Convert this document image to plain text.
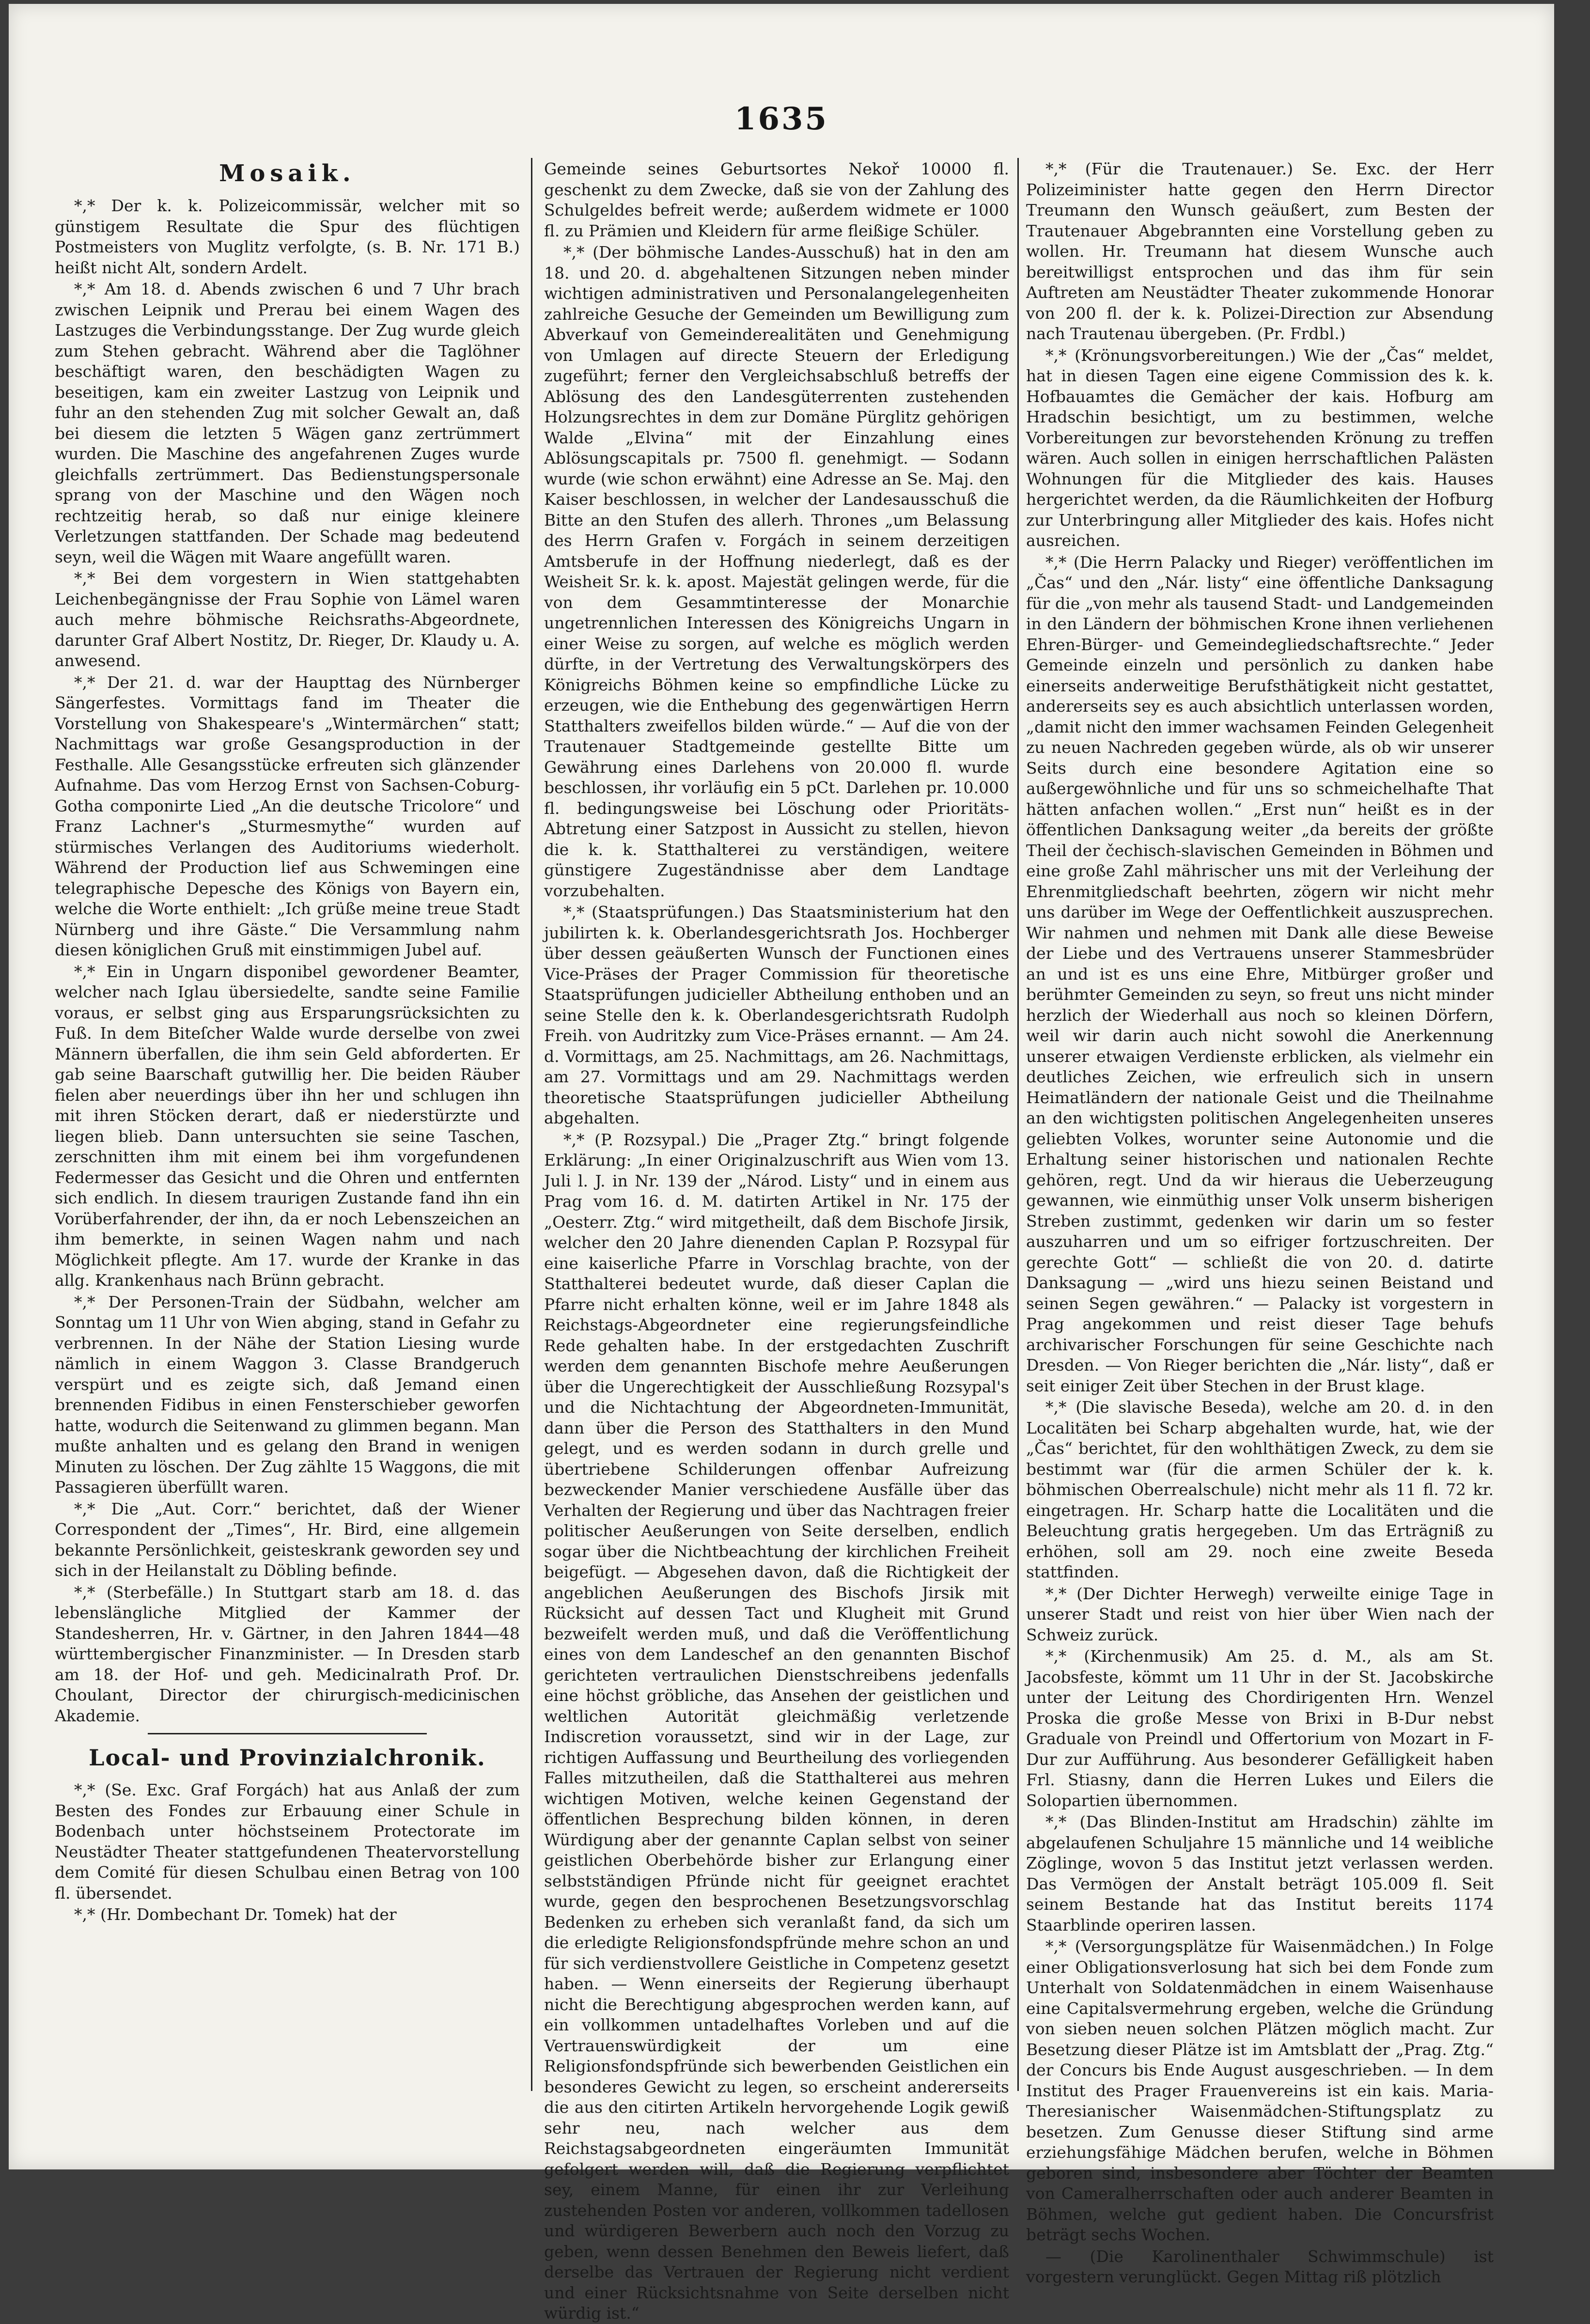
1635
Mosaik.

*,* Der k. k. Polizeicommissär, welcher mit so günstigem Resultate die Spur des flüchtigen Postmeisters von Muglitz verfolgte, (s. B. Nr. 171 B.) heißt nicht Alt, sondern Ardelt.

*,* Am 18. d. Abends zwischen 6 und 7 Uhr brach zwischen Leipnik und Prerau bei einem Wagen des Lastzuges die Verbindungsstange. Der Zug wurde gleich zum Stehen gebracht. Während aber die Taglöhner beschäftigt waren, den beschädigten Wagen zu beseitigen, kam ein zweiter Lastzug von Leipnik und fuhr an den stehenden Zug mit solcher Gewalt an, daß bei diesem die letzten 5 Wägen ganz zertrümmert wurden. Die Maschine des angefahrenen Zuges wurde gleichfalls zertrümmert. Das Bedienstungspersonale sprang von der Maschine und den Wägen noch rechtzeitig herab, so daß nur einige kleinere Verletzungen stattfanden. Der Schade mag bedeutend seyn, weil die Wägen mit Waare angefüllt waren.

*,* Bei dem vorgestern in Wien stattgehabten Leichenbegängnisse der Frau Sophie von Lämel waren auch mehre böhmische Reichsraths-Abgeordnete, darunter Graf Albert Nostitz, Dr. Rieger, Dr. Klaudy u. A. anwesend.

*,* Der 21. d. war der Haupttag des Nürnberger Sängerfestes. Vormittags fand im Theater die Vorstellung von Shakespeare's „Wintermärchen“ statt; Nachmittags war große Gesangsproduction in der Festhalle. Alle Gesangsstücke erfreuten sich glänzender Aufnahme. Das vom Herzog Ernst von Sachsen-Coburg-Gotha componirte Lied „An die deutsche Tricolore“ und Franz Lachner's „Sturmesmythe“ wurden auf stürmisches Verlangen des Auditoriums wiederholt. Während der Production lief aus Schwemingen eine telegraphische Depesche des Königs von Bayern ein, welche die Worte enthielt: „Ich grüße meine treue Stadt Nürnberg und ihre Gäste.“ Die Versammlung nahm diesen königlichen Gruß mit einstimmigen Jubel auf.

*,* Ein in Ungarn disponibel gewordener Beamter, welcher nach Iglau übersiedelte, sandte seine Familie voraus, er selbst ging aus Ersparungsrücksichten zu Fuß. In dem Biteſcher Walde wurde derselbe von zwei Männern überfallen, die ihm sein Geld abforderten. Er gab seine Baarschaft gutwillig her. Die beiden Räuber fielen aber neuerdings über ihn her und schlugen ihn mit ihren Stöcken derart, daß er niederstürzte und liegen blieb. Dann untersuchten sie seine Taschen, zerschnitten ihm mit einem bei ihm vorgefundenen Federmesser das Gesicht und die Ohren und entfernten sich endlich. In diesem traurigen Zustande fand ihn ein Vorüberfahrender, der ihn, da er noch Lebenszeichen an ihm bemerkte, in seinen Wagen nahm und nach Möglichkeit pflegte. Am 17. wurde der Kranke in das allg. Krankenhaus nach Brünn gebracht.

*,* Der Personen-Train der Südbahn, welcher am Sonntag um 11 Uhr von Wien abging, stand in Gefahr zu verbrennen. In der Nähe der Station Liesing wurde nämlich in einem Waggon 3. Classe Brandgeruch verspürt und es zeigte sich, daß Jemand einen brennenden Fidibus in einen Fensterschieber geworfen hatte, wodurch die Seitenwand zu glimmen begann. Man mußte anhalten und es gelang den Brand in wenigen Minuten zu löschen. Der Zug zählte 15 Waggons, die mit Passagieren überfüllt waren.

*,* Die „Aut. Corr.“ berichtet, daß der Wiener Correspondent der „Times“, Hr. Bird, eine allgemein bekannte Persönlichkeit, geisteskrank geworden sey und sich in der Heilanstalt zu Döbling befinde.

*,* (Sterbefälle.) In Stuttgart starb am 18. d. das lebenslängliche Mitglied der Kammer der Standesherren, Hr. v. Gärtner, in den Jahren 1844—48 württembergischer Finanzminister. — In Dresden starb am 18. der Hof- und geh. Medicinalrath Prof. Dr. Choulant, Director der chirurgisch-medicinischen Akademie.

Local- und Provinzialchronik.

*,* (Se. Exc. Graf Forgách) hat aus Anlaß der zum Besten des Fondes zur Erbauung einer Schule in Bodenbach unter höchstseinem Protectorate im Neustädter Theater stattgefundenen Theatervorstellung dem Comité für diesen Schulbau einen Betrag von 100 fl. übersendet.

*,* (Hr. Dombechant Dr. Tomek) hat der

Gemeinde seines Geburtsortes Nekoř 10000 fl. geschenkt zu dem Zwecke, daß sie von der Zahlung des Schulgeldes befreit werde; außerdem widmete er 1000 fl. zu Prämien und Kleidern für arme fleißige Schüler.

*,* (Der böhmische Landes-Ausschuß) hat in den am 18. und 20. d. abgehaltenen Sitzungen neben minder wichtigen administrativen und Personalangelegenheiten zahlreiche Gesuche der Gemeinden um Bewilligung zum Abverkauf von Gemeinderealitäten und Genehmigung von Umlagen auf directe Steuern der Erledigung zugeführt; ferner den Vergleichsabschluß betreffs der Ablösung des den Landesgüterrenten zustehenden Holzungsrechtes in dem zur Domäne Pürglitz gehörigen Walde „Elvina“ mit der Einzahlung eines Ablösungscapitals pr. 7500 fl. genehmigt. — Sodann wurde (wie schon erwähnt) eine Adresse an Se. Maj. den Kaiser beschlossen, in welcher der Landesausschuß die Bitte an den Stufen des allerh. Thrones „um Belassung des Herrn Grafen v. Forgách in seinem derzeitigen Amtsberufe in der Hoffnung niederlegt, daß es der Weisheit Sr. k. k. apost. Majestät gelingen werde, für die von dem Gesammtinteresse der Monarchie ungetrennlichen Interessen des Königreichs Ungarn in einer Weise zu sorgen, auf welche es möglich werden dürfte, in der Vertretung des Verwaltungskörpers des Königreichs Böhmen keine so empfindliche Lücke zu erzeugen, wie die Enthebung des gegenwärtigen Herrn Statthalters zweifellos bilden würde.“ — Auf die von der Trautenauer Stadtgemeinde gestellte Bitte um Gewährung eines Darlehens von 20.000 fl. wurde beschlossen, ihr vorläufig ein 5 pCt. Darlehen pr. 10.000 fl. bedingungsweise bei Löschung oder Prioritäts-Abtretung einer Satzpost in Aussicht zu stellen, hievon die k. k. Statthalterei zu verständigen, weitere günstigere Zugeständnisse aber dem Landtage vorzubehalten.

*,* (Staatsprüfungen.) Das Staatsministerium hat den jubilirten k. k. Oberlandesgerichtsrath Jos. Hochberger über dessen geäußerten Wunsch der Functionen eines Vice-Präses der Prager Commission für theoretische Staatsprüfungen judicieller Abtheilung enthoben und an seine Stelle den k. k. Oberlandesgerichtsrath Rudolph Freih. von Audritzky zum Vice-Präses ernannt. — Am 24. d. Vormittags, am 25. Nachmittags, am 26. Nachmittags, am 27. Vormittags und am 29. Nachmittags werden theoretische Staatsprüfungen judicieller Abtheilung abgehalten.

*,* (P. Rozsypal.) Die „Prager Ztg.“ bringt folgende Erklärung: „In einer Originalzuschrift aus Wien vom 13. Juli l. J. in Nr. 139 der „Národ. Listy“ und in einem aus Prag vom 16. d. M. datirten Artikel in Nr. 175 der „Oesterr. Ztg.“ wird mitgetheilt, daß dem Bischofe Jirsik, welcher den 20 Jahre dienenden Caplan P. Rozsypal für eine kaiserliche Pfarre in Vorschlag brachte, von der Statthalterei bedeutet wurde, daß dieser Caplan die Pfarre nicht erhalten könne, weil er im Jahre 1848 als Reichstags-Abgeordneter eine regierungsfeindliche Rede gehalten habe. In der erstgedachten Zuschrift werden dem genannten Bischofe mehre Aeußerungen über die Ungerechtigkeit der Ausschließung Rozsypal's und die Nichtachtung der Abgeordneten-Immunität, dann über die Person des Statthalters in den Mund gelegt, und es werden sodann in durch grelle und übertriebene Schilderungen offenbar Aufreizung bezweckender Manier verschiedene Ausfälle über das Verhalten der Regierung und über das Nachtragen freier politischer Aeußerungen von Seite derselben, endlich sogar über die Nichtbeachtung der kirchlichen Freiheit beigefügt. — Abgesehen davon, daß die Richtigkeit der angeblichen Aeußerungen des Bischofs Jirsik mit Rücksicht auf dessen Tact und Klugheit mit Grund bezweifelt werden muß, und daß die Veröffentlichung eines von dem Landeschef an den genannten Bischof gerichteten vertraulichen Dienstschreibens jedenfalls eine höchst gröbliche, das Ansehen der geistlichen und weltlichen Autorität gleichmäßig verletzende Indiscretion voraussetzt, sind wir in der Lage, zur richtigen Auffassung und Beurtheilung des vorliegenden Falles mitzutheilen, daß die Statthalterei aus mehren wichtigen Motiven, welche keinen Gegenstand der öffentlichen Besprechung bilden können, in deren Würdigung aber der genannte Caplan selbst von seiner geistlichen Oberbehörde bisher zur Erlangung einer selbstständigen Pfründe nicht für geeignet erachtet wurde, gegen den besprochenen Besetzungsvorschlag Bedenken zu erheben sich veranlaßt fand, da sich um die erledigte Religionsfondspfründe mehre schon an und für sich verdienstvollere Geistliche in Competenz gesetzt haben. — Wenn einerseits der Regierung überhaupt nicht die Berechtigung abgesprochen werden kann, auf ein vollkommen untadelhaftes Vorleben und auf die Vertrauenswürdigkeit der um eine Religionsfondspfründe sich bewerbenden Geistlichen ein besonderes Gewicht zu legen, so erscheint andererseits die aus den citirten Artikeln hervorgehende Logik gewiß sehr neu, nach welcher aus dem Reichstagsabgeordneten eingeräumten Immunität gefolgert werden will, daß die Regierung verpflichtet sey, einem Manne, für einen ihr zur Verleihung zustehenden Posten vor anderen, vollkommen tadellosen und würdigeren Bewerbern auch noch den Vorzug zu geben, wenn dessen Benehmen den Beweis liefert, daß derselbe das Vertrauen der Regierung nicht verdient und einer Rücksichtsnahme von Seite derselben nicht würdig ist.“

*,* (Für die Trautenauer.) Se. Exc. der Herr Polizeiminister hatte gegen den Herrn Director Treumann den Wunsch geäußert, zum Besten der Trautenauer Abgebrannten eine Vorstellung geben zu wollen. Hr. Treumann hat diesem Wunsche auch bereitwilligst entsprochen und das ihm für sein Auftreten am Neustädter Theater zukommende Honorar von 200 fl. der k. k. Polizei-Direction zur Absendung nach Trautenau übergeben. (Pr. Frdbl.)

*,* (Krönungsvorbereitungen.) Wie der „Čas“ meldet, hat in diesen Tagen eine eigene Commission des k. k. Hofbauamtes die Gemächer der kais. Hofburg am Hradschin besichtigt, um zu bestimmen, welche Vorbereitungen zur bevorstehenden Krönung zu treffen wären. Auch sollen in einigen herrschaftlichen Palästen Wohnungen für die Mitglieder des kais. Hauses hergerichtet werden, da die Räumlichkeiten der Hofburg zur Unterbringung aller Mitglieder des kais. Hofes nicht ausreichen.

*,* (Die Herrn Palacky und Rieger) veröffentlichen im „Čas“ und den „Nár. listy“ eine öffentliche Danksagung für die „von mehr als tausend Stadt- und Landgemeinden in den Ländern der böhmischen Krone ihnen verliehenen Ehren-Bürger- und Gemeindegliedschaftsrechte.“ Jeder Gemeinde einzeln und persönlich zu danken habe einerseits anderweitige Berufsthätigkeit nicht gestattet, andererseits sey es auch absichtlich unterlassen worden, „damit nicht den immer wachsamen Feinden Gelegenheit zu neuen Nachreden gegeben würde, als ob wir unserer Seits durch eine besondere Agitation eine so außergewöhnliche und für uns so schmeichelhafte That hätten anfachen wollen.“ „Erst nun“ heißt es in der öffentlichen Danksagung weiter „da bereits der größte Theil der čechisch-slavischen Gemeinden in Böhmen und eine große Zahl mährischer uns mit der Verleihung der Ehrenmitgliedschaft beehrten, zögern wir nicht mehr uns darüber im Wege der Oeffentlichkeit auszusprechen. Wir nahmen und nehmen mit Dank alle diese Beweise der Liebe und des Vertrauens unserer Stammesbrüder an und ist es uns eine Ehre, Mitbürger großer und berühmter Gemeinden zu seyn, so freut uns nicht minder herzlich der Wiederhall aus noch so kleinen Dörfern, weil wir darin auch nicht sowohl die Anerkennung unserer etwaigen Verdienste erblicken, als vielmehr ein deutliches Zeichen, wie erfreulich sich in unsern Heimatländern der nationale Geist und die Theilnahme an den wichtigsten politischen Angelegenheiten unseres geliebten Volkes, worunter seine Autonomie und die Erhaltung seiner historischen und nationalen Rechte gehören, regt. Und da wir hieraus die Ueberzeugung gewannen, wie einmüthig unser Volk unserm bisherigen Streben zustimmt, gedenken wir darin um so fester auszuharren und um so eifriger fortzuschreiten. Der gerechte Gott“ — schließt die von 20. d. datirte Danksagung — „wird uns hiezu seinen Beistand und seinen Segen gewähren.“ — Palacky ist vorgestern in Prag angekommen und reist dieser Tage behufs archivarischer Forschungen für seine Geschichte nach Dresden. — Von Rieger berichten die „Nár. listy“, daß er seit einiger Zeit über Stechen in der Brust klage.

*,* (Die slavische Beseda), welche am 20. d. in den Localitäten bei Scharp abgehalten wurde, hat, wie der „Čas“ berichtet, für den wohlthätigen Zweck, zu dem sie bestimmt war (für die armen Schüler der k. k. böhmischen Oberrealschule) nicht mehr als 11 fl. 72 kr. eingetragen. Hr. Scharp hatte die Localitäten und die Beleuchtung gratis hergegeben. Um das Erträgniß zu erhöhen, soll am 29. noch eine zweite Beseda stattfinden.

*,* (Der Dichter Herwegh) verweilte einige Tage in unserer Stadt und reist von hier über Wien nach der Schweiz zurück.

*,* (Kirchenmusik) Am 25. d. M., als am St. Jacobsfeste, kömmt um 11 Uhr in der St. Jacobskirche unter der Leitung des Chordirigenten Hrn. Wenzel Proska die große Messe von Brixi in B-Dur nebst Graduale von Preindl und Offertorium von Mozart in F-Dur zur Aufführung. Aus besonderer Gefälligkeit haben Frl. Stiasny, dann die Herren Lukes und Eilers die Solopartien übernommen.

*,* (Das Blinden-Institut am Hradschin) zählte im abgelaufenen Schuljahre 15 männliche und 14 weibliche Zöglinge, wovon 5 das Institut jetzt verlassen werden. Das Vermögen der Anstalt beträgt 105.009 fl. Seit seinem Bestande hat das Institut bereits 1174 Staarblinde operiren lassen.

*,* (Versorgungsplätze für Waisenmädchen.) In Folge einer Obligationsverlosung hat sich bei dem Fonde zum Unterhalt von Soldatenmädchen in einem Waisenhause eine Capitalsvermehrung ergeben, welche die Gründung von sieben neuen solchen Plätzen möglich macht. Zur Besetzung dieser Plätze ist im Amtsblatt der „Prag. Ztg.“ der Concurs bis Ende August ausgeschrieben. — In dem Institut des Prager Frauenvereins ist ein kais. Maria-Theresianischer Waisenmädchen-Stiftungsplatz zu besetzen. Zum Genusse dieser Stiftung sind arme erziehungsfähige Mädchen berufen, welche in Böhmen geboren sind, insbesondere aber Töchter der Beamten von Cameralherrschaften oder auch anderer Beamten in Böhmen, welche gut gedient haben. Die Concursfrist beträgt sechs Wochen.

— (Die Karolinenthaler Schwimmschule) ist vorgestern verunglückt. Gegen Mittag riß plötzlich
